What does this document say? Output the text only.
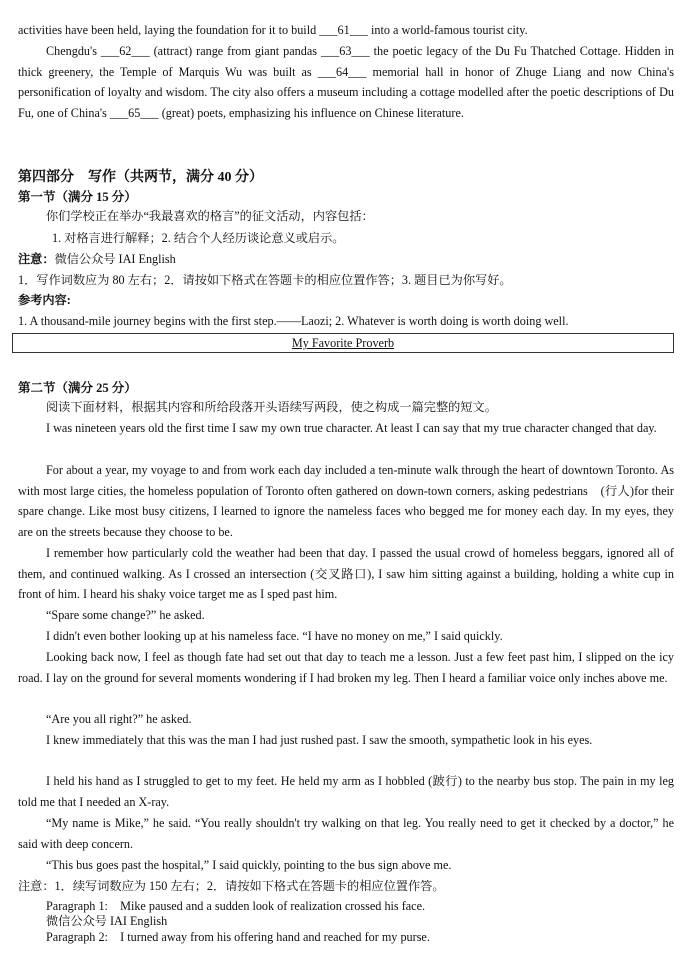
activities have been held, laying the foundation for it to build ___61___ into a world-famous tourist city.

Chengdu's ___62___ (attract) range from giant pandas ___63___ the poetic legacy of the Du Fu Thatched Cottage. Hidden in thick greenery, the Temple of Marquis Wu was built as ___64___ memorial hall in honor of Zhuge Liang and now China's personification of loyalty and wisdom. The city also offers a museum including a cottage modelled after the poetic descriptions of Du Fu, one of China's ___65___ (great) poets, emphasizing his influence on Chinese literature.

第四部分　写作（共两节，满分 40 分）

第一节（满分 15 分）

你们学校正在举办“我最喜欢的格言”的征文活动，内容包括：

1. 对格言进行解释；2. 结合个人经历谈论意义或启示。

注意：微信公众号 IAI English

1．写作词数应为 80 左右；2．请按如下格式在答题卡的相应位置作答；3. 题目已为你写好。

参考内容:

1. A thousand-mile journey begins with the first step.——Laozi; 2. Whatever is worth doing is worth doing well.

My Favorite Proverb

第二节（满分 25 分）

阅读下面材料，根据其内容和所给段落开头语续写两段，使之构成一篇完整的短文。

I was nineteen years old the first time I saw my own true character. At least I can say that my true character changed that day.

For about a year, my voyage to and from work each day included a ten-minute walk through the heart of downtown Toronto. As with most large cities, the homeless population of Toronto often gathered on down-town corners, asking pedestrians　(行人)for their spare change. Like most busy citizens, I learned to ignore the nameless faces who begged me for money each day. In my eyes, they are on the streets because they choose to be.

I remember how particularly cold the weather had been that day. I passed the usual crowd of homeless beggars, ignored all of them, and continued walking. As I crossed an intersection (交叉路口), I saw him sitting against a building, holding a white cup in front of him. I heard his shaky voice target me as I sped past him.

“Spare some change?” he asked.

I didn't even bother looking up at his nameless face. “I have no money on me,” I said quickly.

Looking back now, I feel as though fate had set out that day to teach me a lesson. Just a few feet past him, I slipped on the icy road. I lay on the ground for several moments wondering if I had broken my leg. Then I heard a familiar voice only inches above me.

“Are you all right?” he asked.

I knew immediately that this was the man I had just rushed past. I saw the smooth, sympathetic look in his eyes.

I held his hand as I struggled to get to my feet. He held my arm as I hobbled (跛行) to the nearby bus stop. The pain in my leg told me that I needed an X-ray.

“My name is Mike,” he said. “You really shouldn't try walking on that leg. You really need to get it checked by a doctor,” he said with deep concern.

“This bus goes past the hospital,” I said quickly, pointing to the bus sign above me.

注意：1．续写词数应为 150 左右；2．请按如下格式在答题卡的相应位置作答。

Paragraph 1:　Mike paused and a sudden look of realization crossed his face.

微信公众号 IAI English

Paragraph 2:　I turned away from his offering hand and reached for my purse.
